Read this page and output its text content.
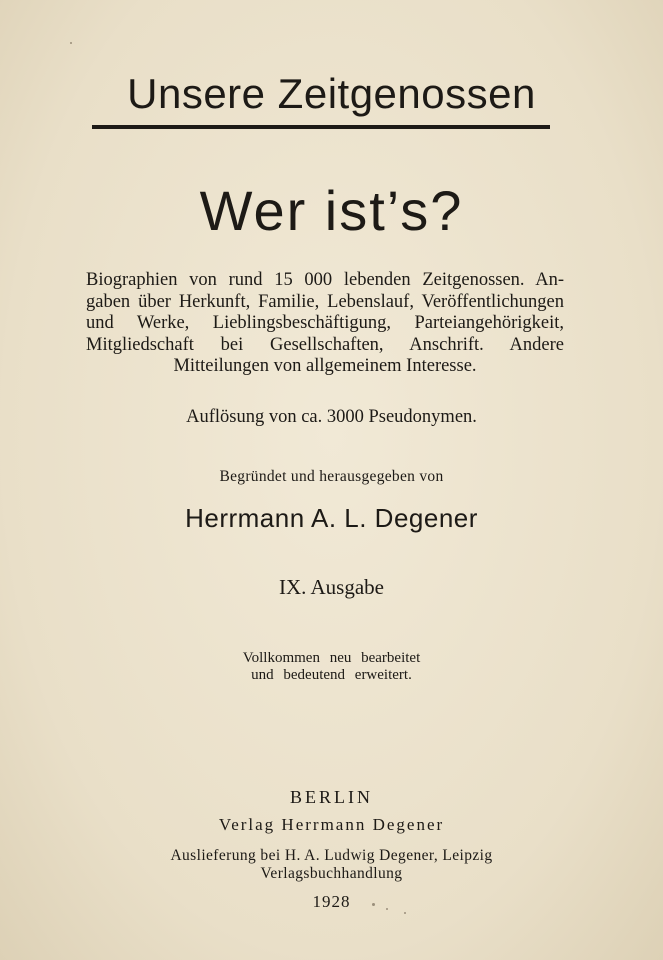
Unsere Zeitgenossen
Wer ist’s?
Biographien von rund 15 000 lebenden Zeitgenossen. An-
gaben über Herkunft, Familie, Lebenslauf, Veröffentlichungen
und Werke, Lieblingsbeschäftigung, Parteiangehörigkeit,
Mitgliedschaft bei Gesellschaften, Anschrift. Andere
Mitteilungen von allgemeinem Interesse.
Auflösung von ca. 3000 Pseudonymen.
Begründet und herausgegeben von
Herrmann A. L. Degener
IX. Ausgabe
Vollkommen neu bearbeitet
und bedeutend erweitert.
BERLIN
Verlag Herrmann Degener
Auslieferung bei H. A. Ludwig Degener, Leipzig
Verlagsbuchhandlung
1928
